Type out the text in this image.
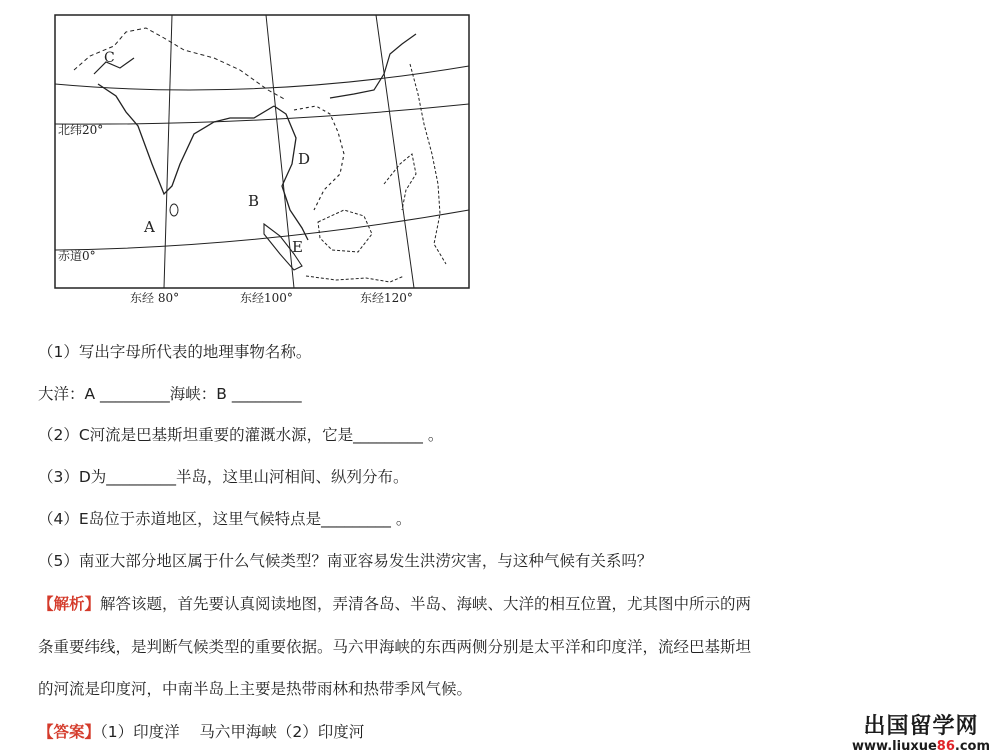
C
A
B
D
E
北纬20°
赤道0°
东经 80°	东经100°	东经120°
（1）写出字母所代表的地理事物名称。
大洋：A _________海峡：B _________
（2）C河流是巴基斯坦重要的灌溉水源，它是_________ 。
（3）D为_________半岛，这里山河相间、纵列分布。
（4）E岛位于赤道地区，这里气候特点是_________ 。
（5）南亚大部分地区属于什么气候类型？南亚容易发生洪涝灾害，与这种气候有关系吗？
【解析】解答该题，首先要认真阅读地图，弄清各岛、半岛、海峡、大洋的相互位置，尤其图中所示的两
条重要纬线，是判断气候类型的重要依据。马六甲海峡的东西两侧分别是太平洋和印度洋，流经巴基斯坦
的河流是印度河，中南半岛上主要是热带雨林和热带季风气候。
【答案】（1）印度洋    马六甲海峡（2）印度河	出国留学网
www.liuxue86.com
